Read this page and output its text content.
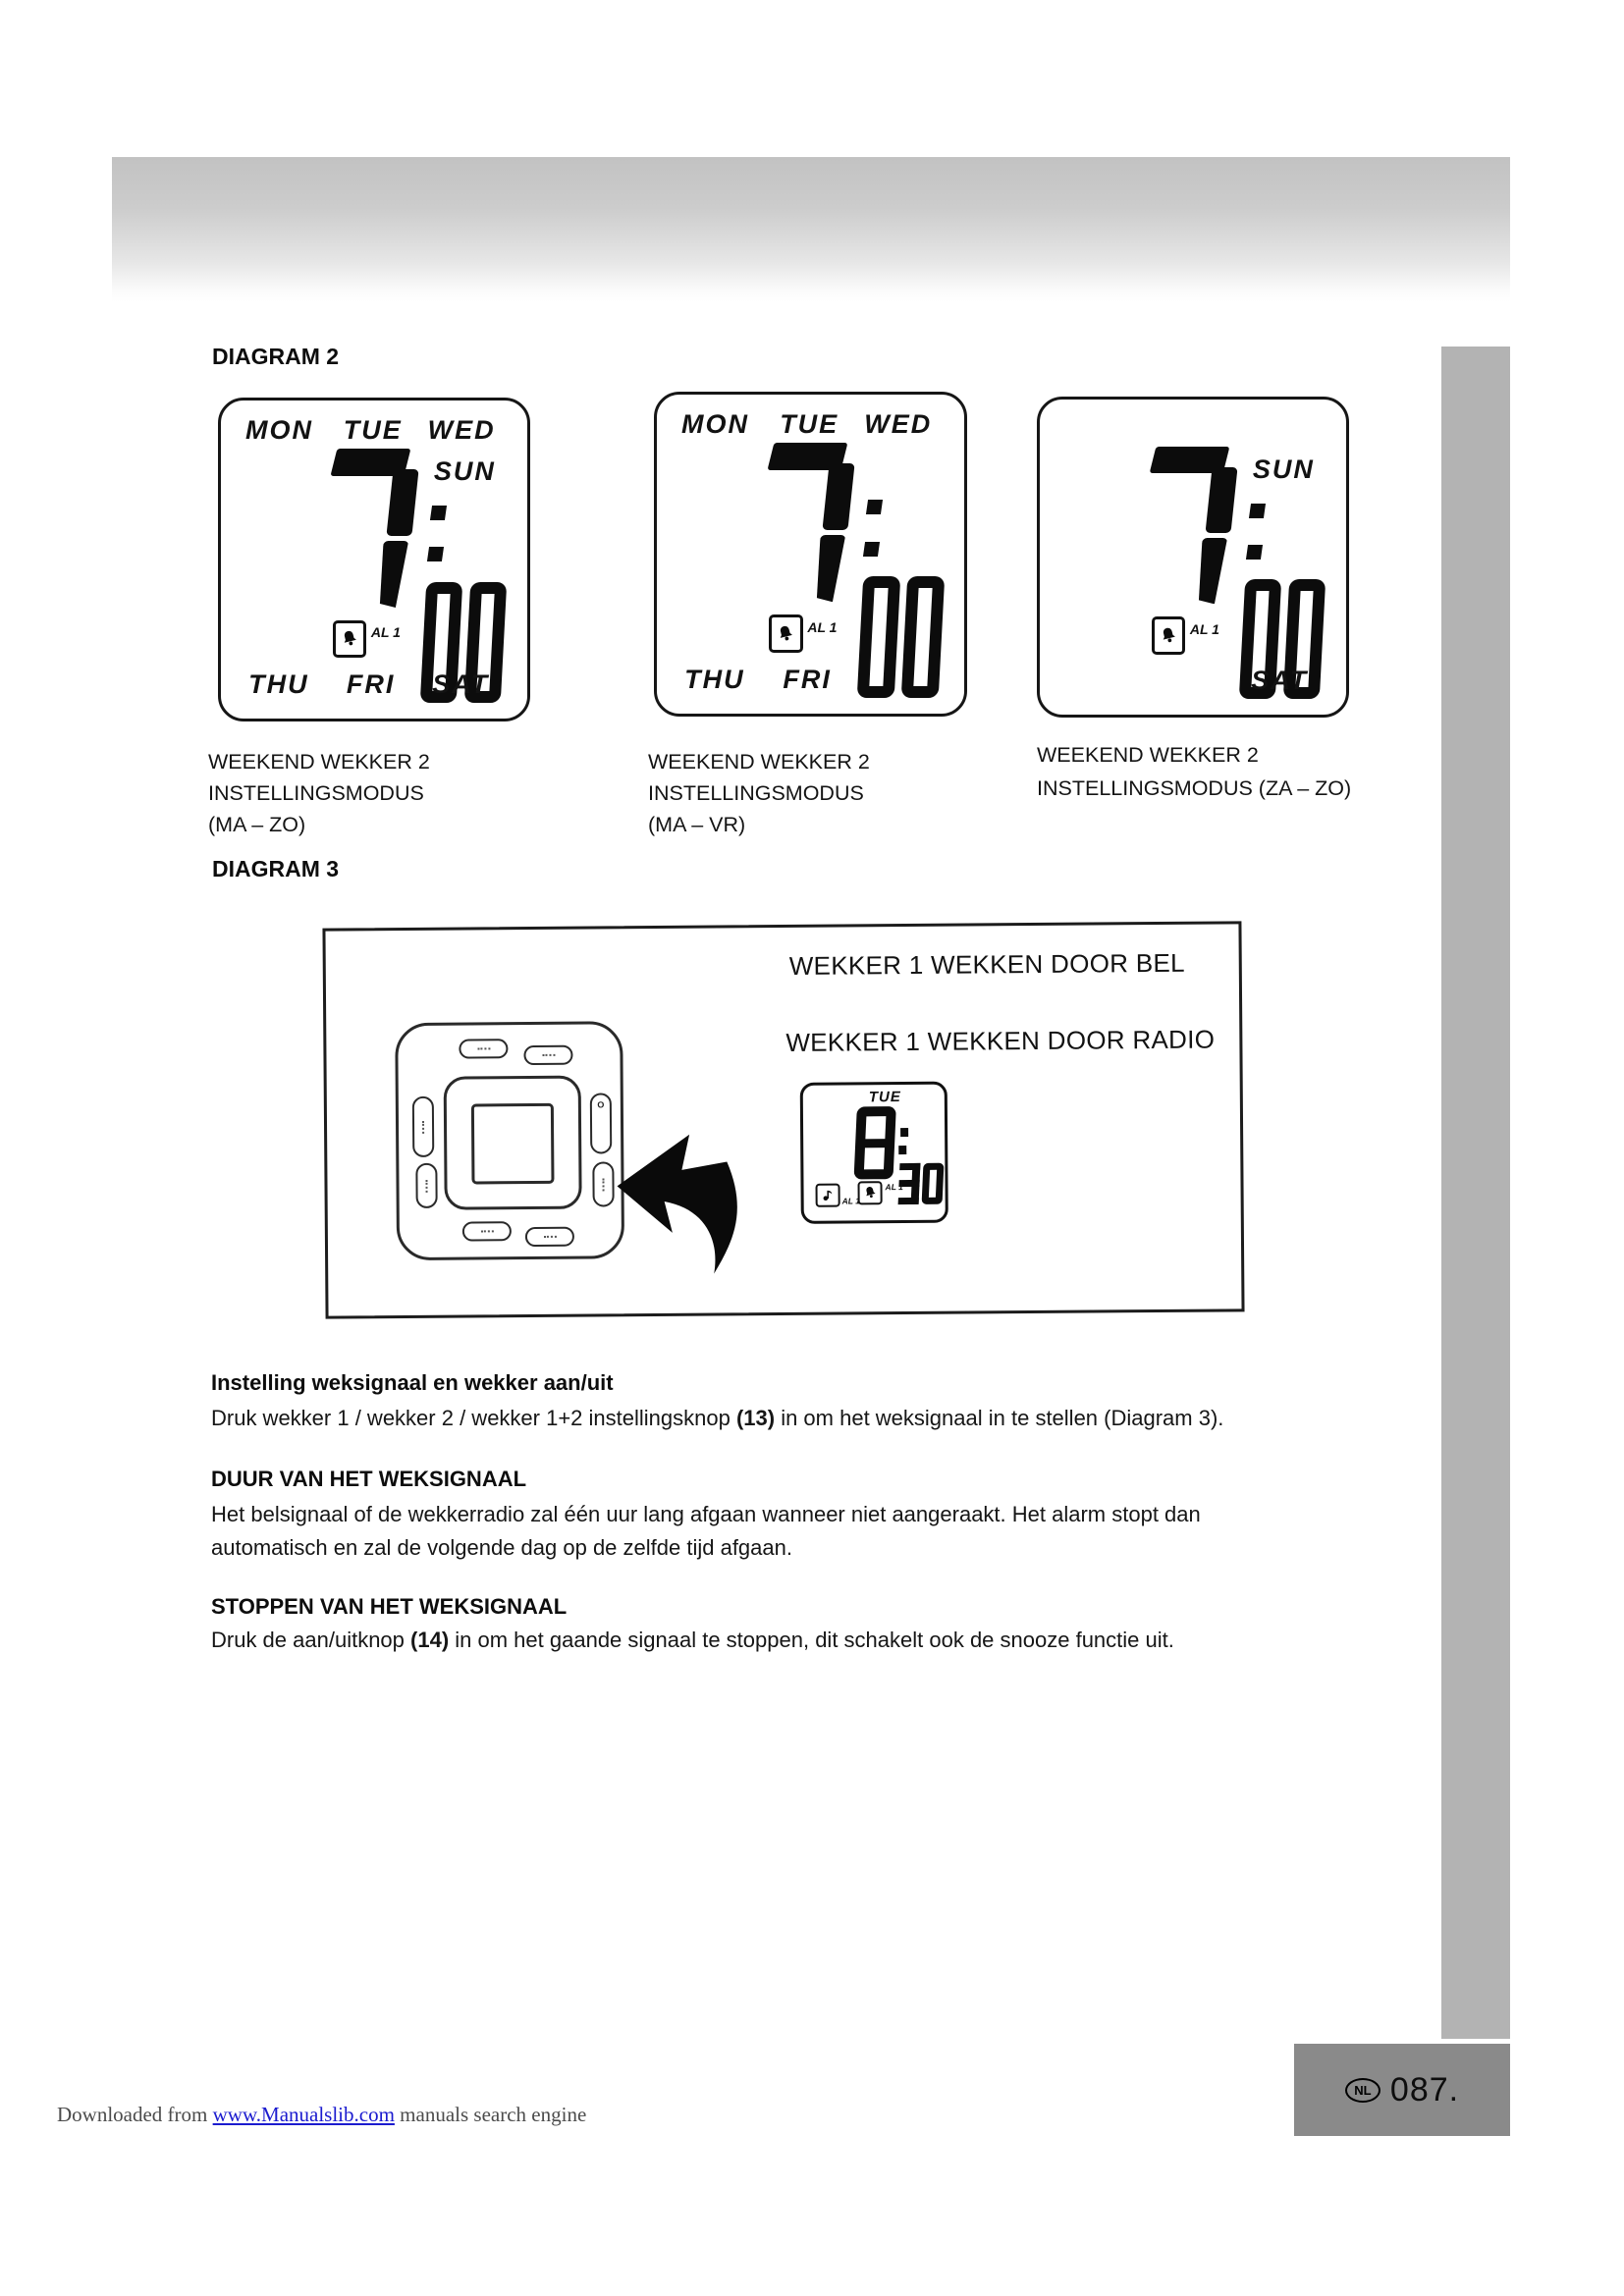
DIAGRAM 2
MON TUE WED
SUN
AL 1
THU FRI SAT
MON TUE WED
AL 1
THU FRI
SUN
AL 1
SAT
WEEKEND WEKKER 2
INSTELLINGSMODUS
(MA – ZO)
WEEKEND WEKKER 2
INSTELLINGSMODUS
(MA – VR)
WEEKEND WEKKER 2
INSTELLINGSMODUS (ZA – ZO)
DIAGRAM 3
WEKKER 1 WEKKEN DOOR BEL
WEKKER 1 WEKKEN DOOR RADIO
O	TUE
AL 1
AL 1
Instelling weksignaal en wekker aan/uit
Druk wekker 1 / wekker 2 / wekker 1+2 instellingsknop (13) in om het weksignaal in te stellen (Diagram 3).
DUUR VAN HET WEKSIGNAAL
Het belsignaal of de wekkerradio zal één uur lang afgaan wanneer niet aangeraakt. Het alarm stopt dan
automatisch en zal de volgende dag op de zelfde tijd afgaan.
STOPPEN VAN HET WEKSIGNAAL
Druk de aan/uitknop (14) in om het gaande signaal te stoppen, dit schakelt ook de snooze functie uit.
Downloaded from www.Manualslib.com manuals search engine
NL 087.
